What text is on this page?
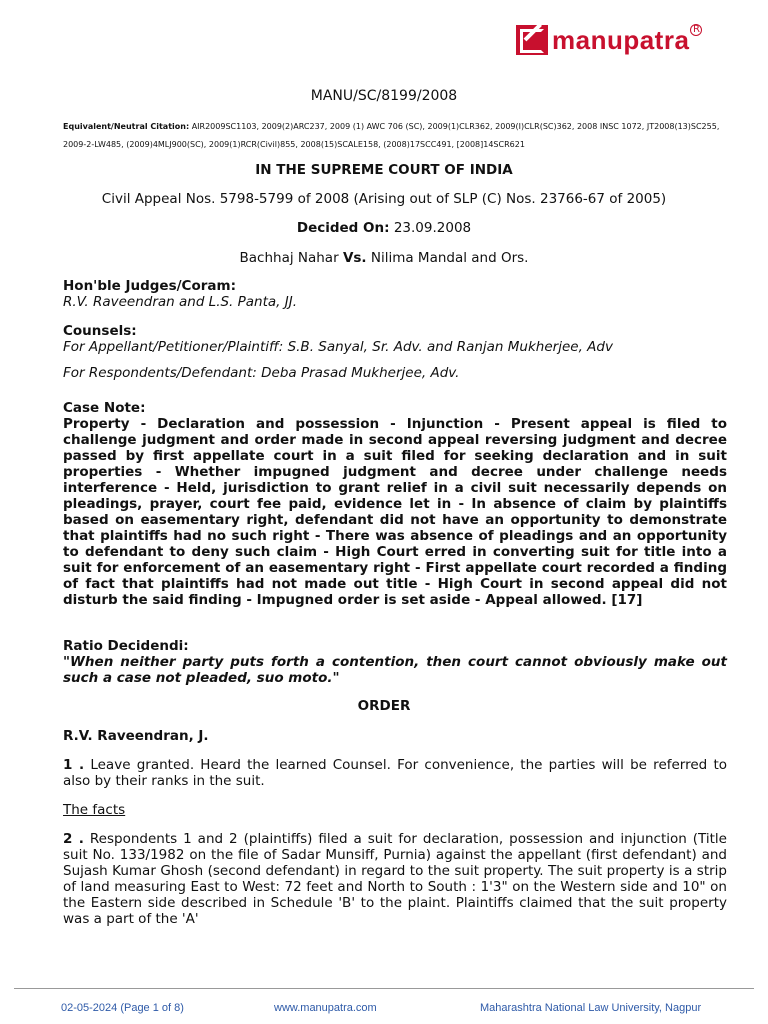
manupatra R
MANU/SC/8199/2008
Equivalent/Neutral Citation: AIR2009SC1103, 2009(2)ARC237, 2009 (1) AWC 706 (SC), 2009(1)CLR362, 2009(I)CLR(SC)362, 2008 INSC 1072, JT2008(13)SC255, 2009-2-LW485, (2009)4MLJ900(SC), 2009(1)RCR(Civil)855, 2008(15)SCALE158, (2008)17SCC491, [2008]14SCR621
IN THE SUPREME COURT OF INDIA
Civil Appeal Nos. 5798-5799 of 2008 (Arising out of SLP (C) Nos. 23766-67 of 2005)
Decided On: 23.09.2008
Bachhaj Nahar Vs. Nilima Mandal and Ors.
Hon'ble Judges/Coram:
R.V. Raveendran and L.S. Panta, JJ.
Counsels:
For Appellant/Petitioner/Plaintiff: S.B. Sanyal, Sr. Adv. and Ranjan Mukherjee, Adv
For Respondents/Defendant: Deba Prasad Mukherjee, Adv.
Case Note:
Property - Declaration and possession - Injunction - Present appeal is filed to challenge judgment and order made in second appeal reversing judgment and decree passed by first appellate court in a suit filed for seeking declaration and in suit properties - Whether impugned judgment and decree under challenge needs interference - Held, jurisdiction to grant relief in a civil suit necessarily depends on pleadings, prayer, court fee paid, evidence let in - In absence of claim by plaintiffs based on easementary right, defendant did not have an opportunity to demonstrate that plaintiffs had no such right - There was absence of pleadings and an opportunity to defendant to deny such claim - High Court erred in converting suit for title into a suit for enforcement of an easementary right - First appellate court recorded a finding of fact that plaintiffs had not made out title - High Court in second appeal did not disturb the said finding - Impugned order is set aside - Appeal allowed. [17]
Ratio Decidendi:
"When neither party puts forth a contention, then court cannot obviously make out such a case not pleaded, suo moto."
ORDER
R.V. Raveendran, J.
1 . Leave granted. Heard the learned Counsel. For convenience, the parties will be referred to also by their ranks in the suit.
The facts
2 . Respondents 1 and 2 (plaintiffs) filed a suit for declaration, possession and injunction (Title suit No. 133/1982 on the file of Sadar Munsiff, Purnia) against the appellant (first defendant) and Sujash Kumar Ghosh (second defendant) in regard to the suit property. The suit property is a strip of land measuring East to West: 72 feet and North to South : 1'3" on the Western side and 10" on the Eastern side described in Schedule 'B' to the plaint. Plaintiffs claimed that the suit property was a part of the 'A'
02-05-2024 (Page 1 of 8)	www.manupatra.com	Maharashtra National Law University, Nagpur
